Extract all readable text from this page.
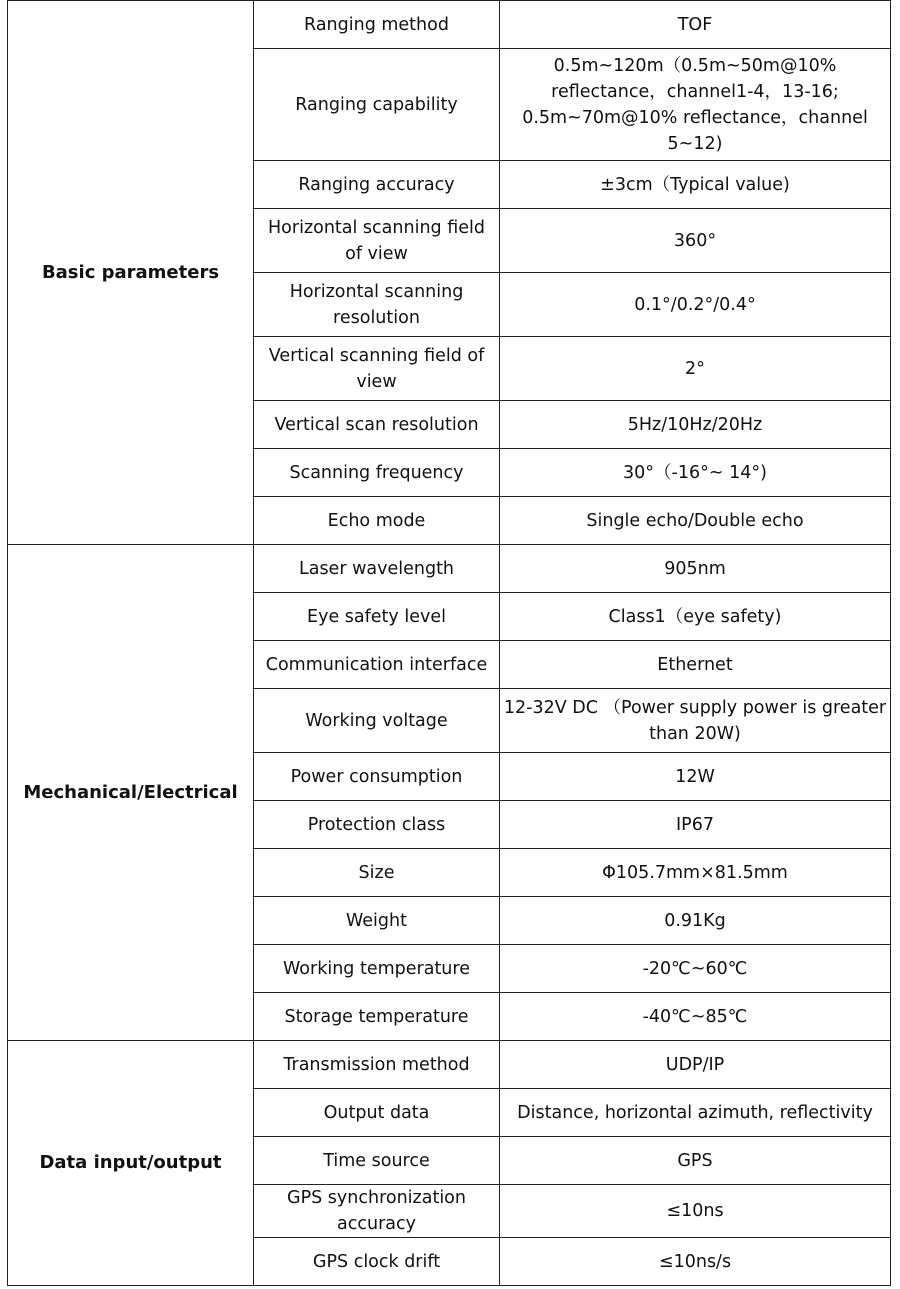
Basic parameters	Ranging method	TOF
	Ranging capability	0.5m~120m（0.5m~50m@10% reflectance，channel1-4，13-16; 0.5m~70m@10% reflectance，channel 5~12)
	Ranging accuracy	±3cm（Typical value)
	Horizontal scanning field of view	360°
	Horizontal scanning resolution	0.1°/0.2°/0.4°
	Vertical scanning field of view	2°
	Vertical scan resolution	5Hz/10Hz/20Hz
	Scanning frequency	30°（-16°~ 14°)
	Echo mode	Single echo/Double echo
Mechanical/Electrical	Laser wavelength	905nm
	Eye safety level	Class1（eye safety)
	Communication interface	Ethernet
	Working voltage	12-32V DC （Power supply power is greater than 20W)
	Power consumption	12W
	Protection class	IP67
	Size	Φ105.7mm×81.5mm
	Weight	0.91Kg
	Working temperature	-20℃~60℃
	Storage temperature	-40℃~85℃
Data input/output	Transmission method	UDP/IP
	Output data	Distance, horizontal azimuth, reflectivity
	Time source	GPS
	GPS synchronization accuracy	≤10ns
	GPS clock drift	≤10ns/s
